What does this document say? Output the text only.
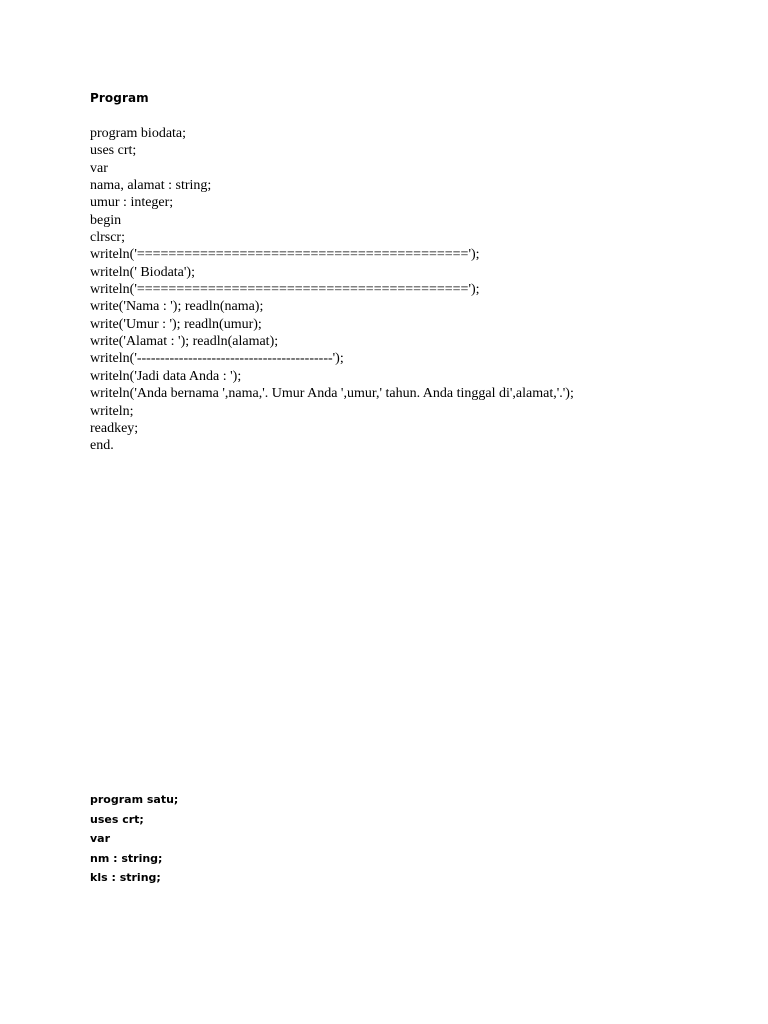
Program
program biodata;
uses crt;
var
nama, alamat : string;
umur : integer;
begin
clrscr;
writeln('==========================================');
writeln(' Biodata');
writeln('==========================================');
write('Nama : '); readln(nama);
write('Umur : '); readln(umur);
write('Alamat : '); readln(alamat);
writeln('------------------------------------------');
writeln('Jadi data Anda : ');
writeln('Anda bernama ',nama,'. Umur Anda ',umur,' tahun. Anda tinggal di',alamat,'.');
writeln;
readkey;
end.
program satu;
uses crt;
var
nm : string;
kls : string;
